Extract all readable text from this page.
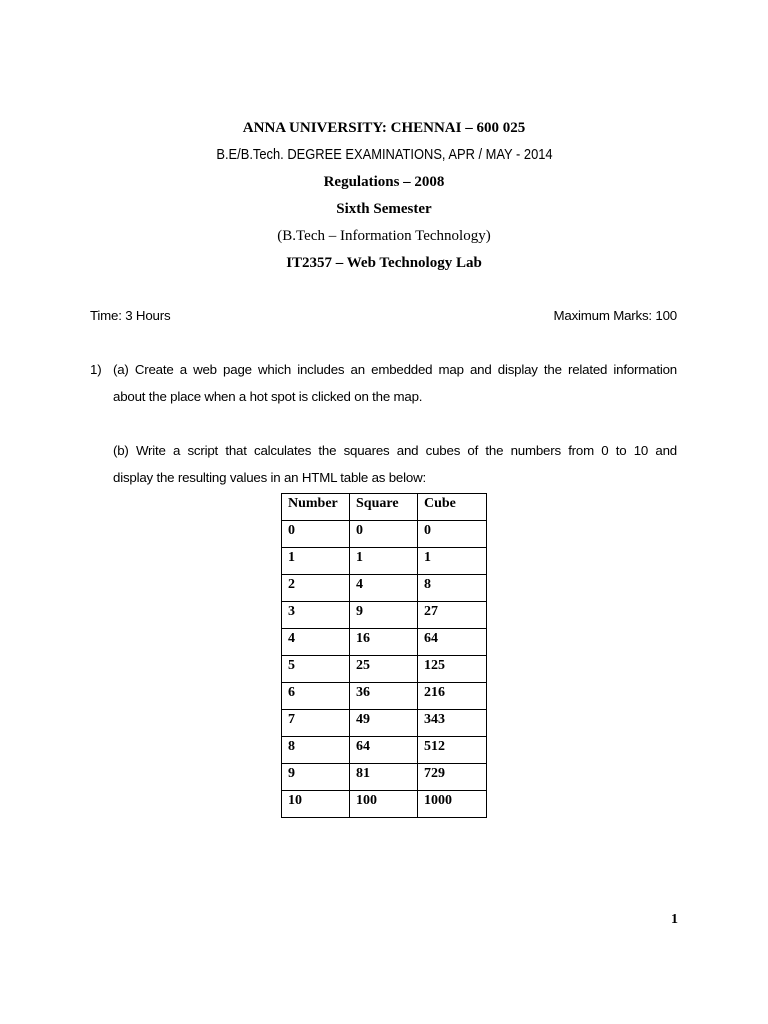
ANNA UNIVERSITY: CHENNAI – 600 025
B.E/B.Tech. DEGREE EXAMINATIONS, APR / MAY - 2014
Regulations – 2008
Sixth Semester
(B.Tech – Information Technology)
IT2357 – Web Technology Lab
Time: 3 Hours	Maximum Marks: 100
1) (a) Create a web page which includes an embedded map and display the related information
about the place when a hot spot is clicked on the map.
(b) Write a script that calculates the squares and cubes of the numbers from 0 to 10 and
display the resulting values in an HTML table as below:
Number	Square	Cube
0	0	0
1	1	1
2	4	8
3	9	27
4	16	64
5	25	125
6	36	216
7	49	343
8	64	512
9	81	729
10	100	1000
1
